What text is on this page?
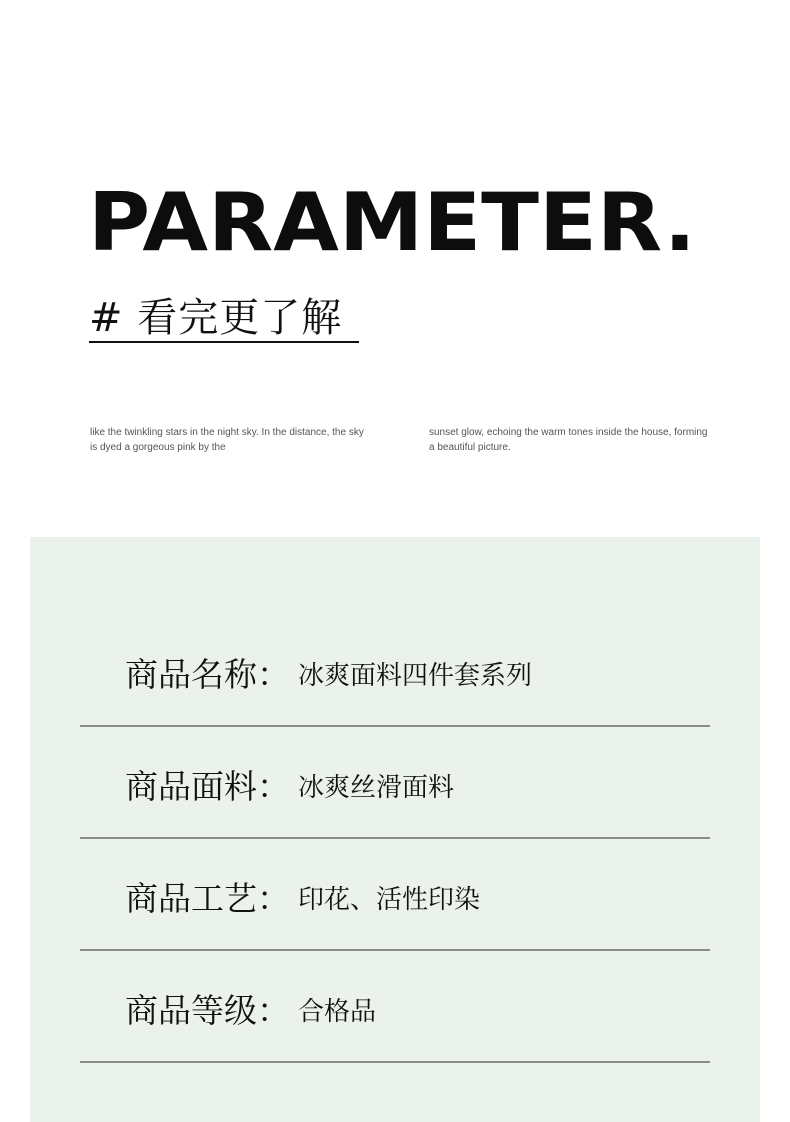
PARAMETER.
# 看完更了解
like the twinkling stars in the night sky. In the distance, the sky is dyed a gorgeous pink by the
sunset glow, echoing the warm tones inside the house, forming a beautiful picture.
商品名称： 冰爽面料四件套系列
商品面料： 冰爽丝滑面料
商品工艺： 印花、活性印染
商品等级： 合格品
